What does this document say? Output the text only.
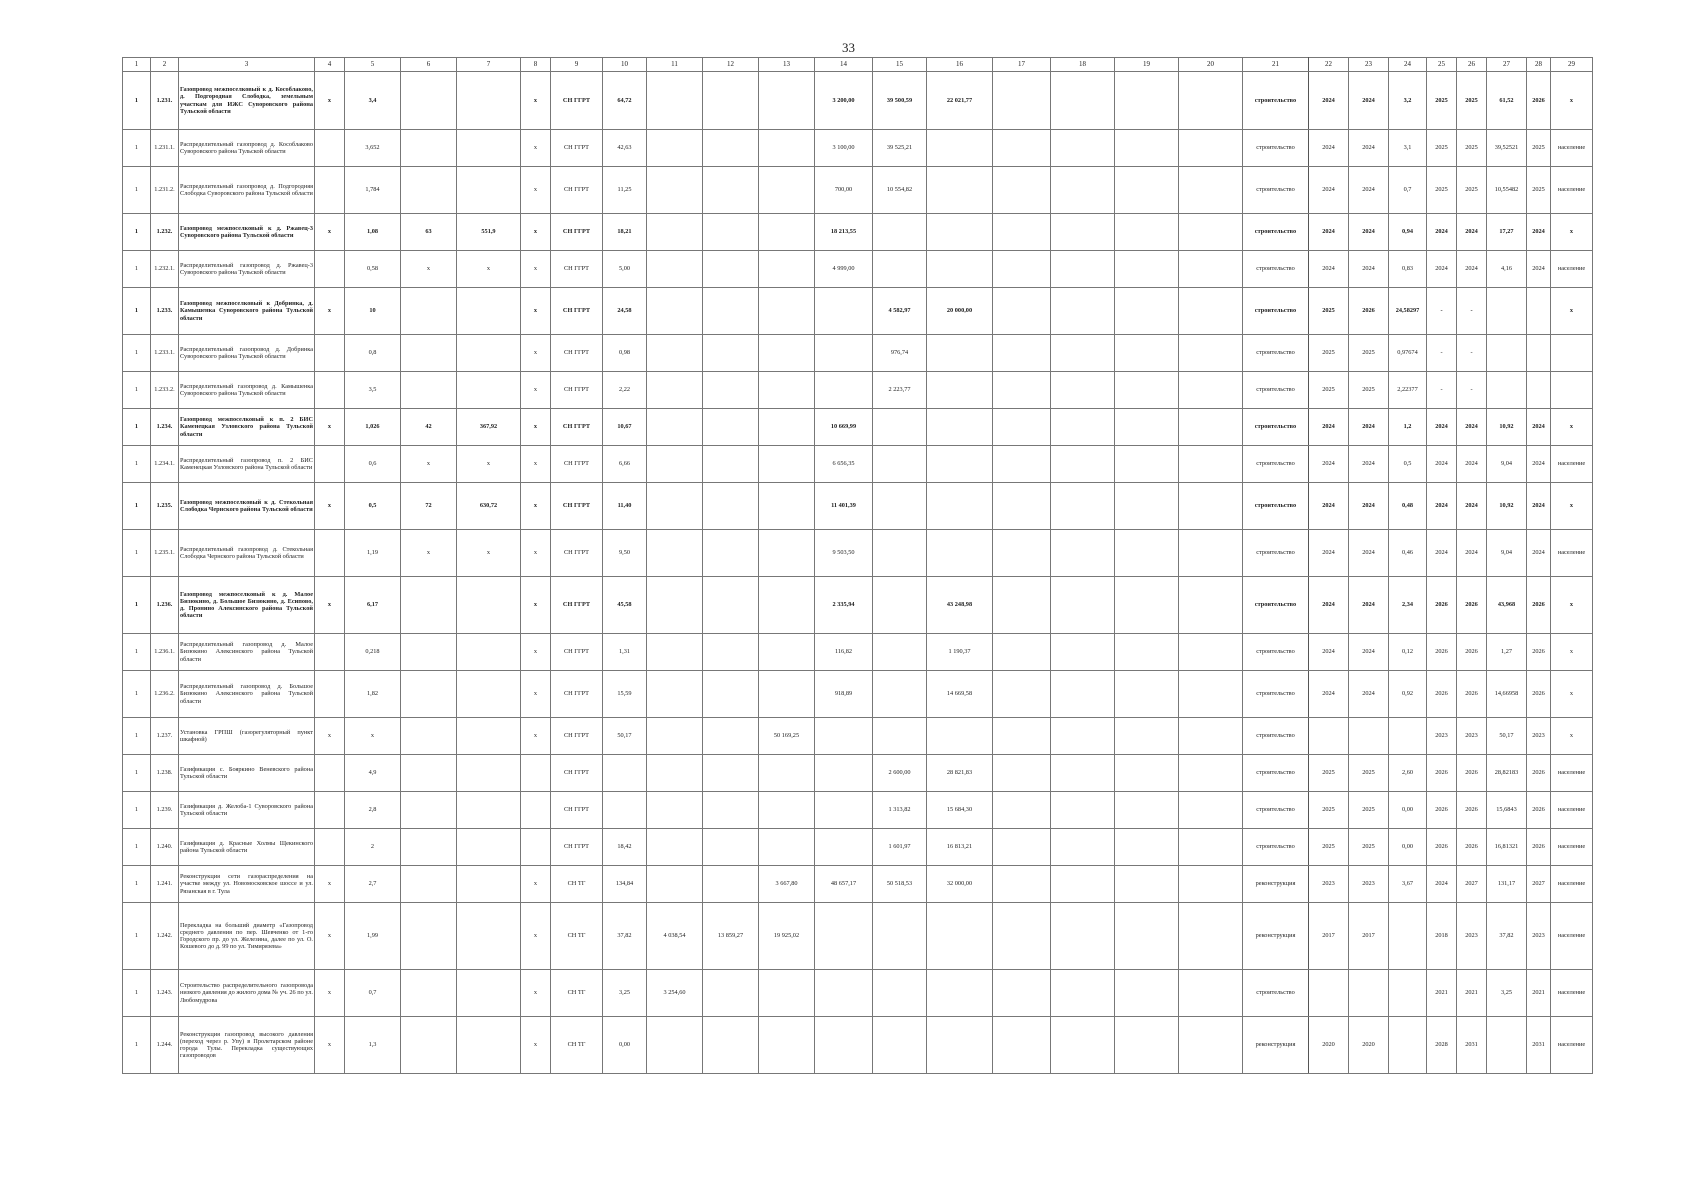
33
1	2	3	4	5	6	7	8	9	10	11	12	13	14	15	16	17	18	19	20	21	22	23	24	25	26	27	28	29
1	1.231.	Газопровод межпоселковый к д. Кособлаково, д. Подгородная Слободка, земельным участкам для ИЖС Суворовского района Тульской области	х	3,4			х	СН ГГРТ	64,72				3 200,00	39 500,59	22 021,77					строительство	2024	2024	3,2	2025	2025	61,52	2026	х
1	1.231.1.	Распределительный газопровод д. Кособлаково Суворовского района Тульской области		3,652			х	СН ГГРТ	42,63				3 100,00	39 525,21						строительство	2024	2024	3,1	2025	2025	39,52521	2025	население
1	1.231.2.	Распределительный газопровод д. Подгородняя Слободка Суворовского района Тульской области		1,784			х	СН ГГРТ	11,25				700,00	10 554,82						строительство	2024	2024	0,7	2025	2025	10,55482	2025	население
1	1.232.	Газопровод межпоселковый к д. Ржавец-3 Суворовского района Тульской области	х	1,08	63	551,9	х	СН ГГРТ	18,21				18 213,55							строительство	2024	2024	0,94	2024	2024	17,27	2024	х
1	1.232.1.	Распределительный газопровод д. Ржавец-3 Суворовского района Тульской области		0,58	х	х	х	СН ГГРТ	5,00				4 999,00							строительство	2024	2024	0,83	2024	2024	4,16	2024	население
1	1.233.	Газопровод межпоселковый к Добринка, д. Камышенка Суворовского района Тульской области	х	10			х	СН ГГРТ	24,58					4 582,97	20 000,00					строительство	2025	2026	24,58297	-	-			х
1	1.233.1.	Распределительный газопровод д. Добринка Суворовского района Тульской области		0,8			х	СН ГГРТ	0,98					976,74						строительство	2025	2025	0,97674	-	-			
1	1.233.2.	Распределительный газопровод д. Камышенка Суворовского района Тульской области		3,5			х	СН ГГРТ	2,22					2 223,77						строительство	2025	2025	2,22377	-	-			
1	1.234.	Газопровод межпоселковый к п. 2 БИС Каменецкая Узловского района Тульской области	х	1,026	42	367,92	х	СН ГГРТ	10,67				10 669,99							строительство	2024	2024	1,2	2024	2024	10,92	2024	х
1	1.234.1.	Распределительный газопровод п. 2 БИС Каменецкая Узловского района Тульской области		0,6	х	х	х	СН ГГРТ	6,66				6 656,35							строительство	2024	2024	0,5	2024	2024	9,04	2024	население
1	1.235.	Газопровод межпоселковый к д. Стекольная Слободка Чернского района Тульской области	х	0,5	72	630,72	х	СН ГГРТ	11,40				11 401,39							строительство	2024	2024	0,48	2024	2024	10,92	2024	х
1	1.235.1.	Распределительный газопровод д. Стекольная Слободка Чернского района Тульской области		1,19	х	х	х	СН ГГРТ	9,50				9 503,50							строительство	2024	2024	0,46	2024	2024	9,04	2024	население
1	1.236.	Газопровод межпоселковый к д. Малое Бизюкино, д. Большое Бизюкино, д. Есипово, д. Пронино Алексинского района Тульской области	х	6,17			х	СН ГГРТ	45,58				2 335,94		43 248,98					строительство	2024	2024	2,34	2026	2026	43,968	2026	х
1	1.236.1.	Распределительный газопровод д. Малое Бизюкино Алексинского района Тульской области		0,218			х	СН ГГРТ	1,31				116,82		1 190,37					строительство	2024	2024	0,12	2026	2026	1,27	2026	х
1	1.236.2.	Распределительный газопровод д. Большое Бизюкино Алексинского района Тульской области		1,82			х	СН ГГРТ	15,59				918,89		14 669,58					строительство	2024	2024	0,92	2026	2026	14,66958	2026	х
1	1.237.	Установка ГРПШ (газорегуляторный пункт шкафной)	х	х			х	СН ГГРТ	50,17			50 169,25								строительство				2023	2023	50,17	2023	х
1	1.238.	Газификация с. Бояркино Веневского района Тульской области		4,9				СН ГГРТ						2 600,00	28 821,83					строительство	2025	2025	2,60	2026	2026	28,82183	2026	население
1	1.239.	Газификация д. Желоба-1 Суворовского района Тульской области		2,8				СН ГГРТ						1 313,82	15 684,30					строительство	2025	2025	0,00	2026	2026	15,6843	2026	население
1	1.240.	Газификация д. Красные Холмы Щекинского района Тульской области		2				СН ГГРТ	18,42					1 601,97	16 813,21					строительство	2025	2025	0,00	2026	2026	16,81321	2026	население
1	1.241.	Реконструкция сети газораспределения на участке между ул. Новомосковское шоссе и ул. Рязанская в г. Тула	х	2,7			х	СН ТГ	134,84			3 667,80	48 657,17	50 518,53	32 000,00					реконструкция	2023	2023	3,67	2024	2027	131,17	2027	население
1	1.242.	Перекладка на больший диаметр «Газопровод среднего давления по пер. Шевченко от 1-го Городского пр. до ул. Железина, далее по ул. О. Кошевого до д. 99 по ул. Тимирязева»	х	1,99			х	СН ТГ	37,82	4 038,54	13 859,27	19 925,02								реконструкция	2017	2017		2018	2023	37,82	2023	население
1	1.243.	Строительство распределительного газопровода низкого давления до жилого дома № уч. 26 по ул. Любомудрова	х	0,7			х	СН ТГ	3,25	3 254,60										строительство				2021	2021	3,25	2021	население
1	1.244.	Реконструкция газопровод высокого давления (переход через р. Упу) в Пролетарском районе города Тулы. Перекладка существующих газопроводов	х	1,3			х	СН ТГ	0,00											реконструкция	2020	2020		2028	2031		2031	население
